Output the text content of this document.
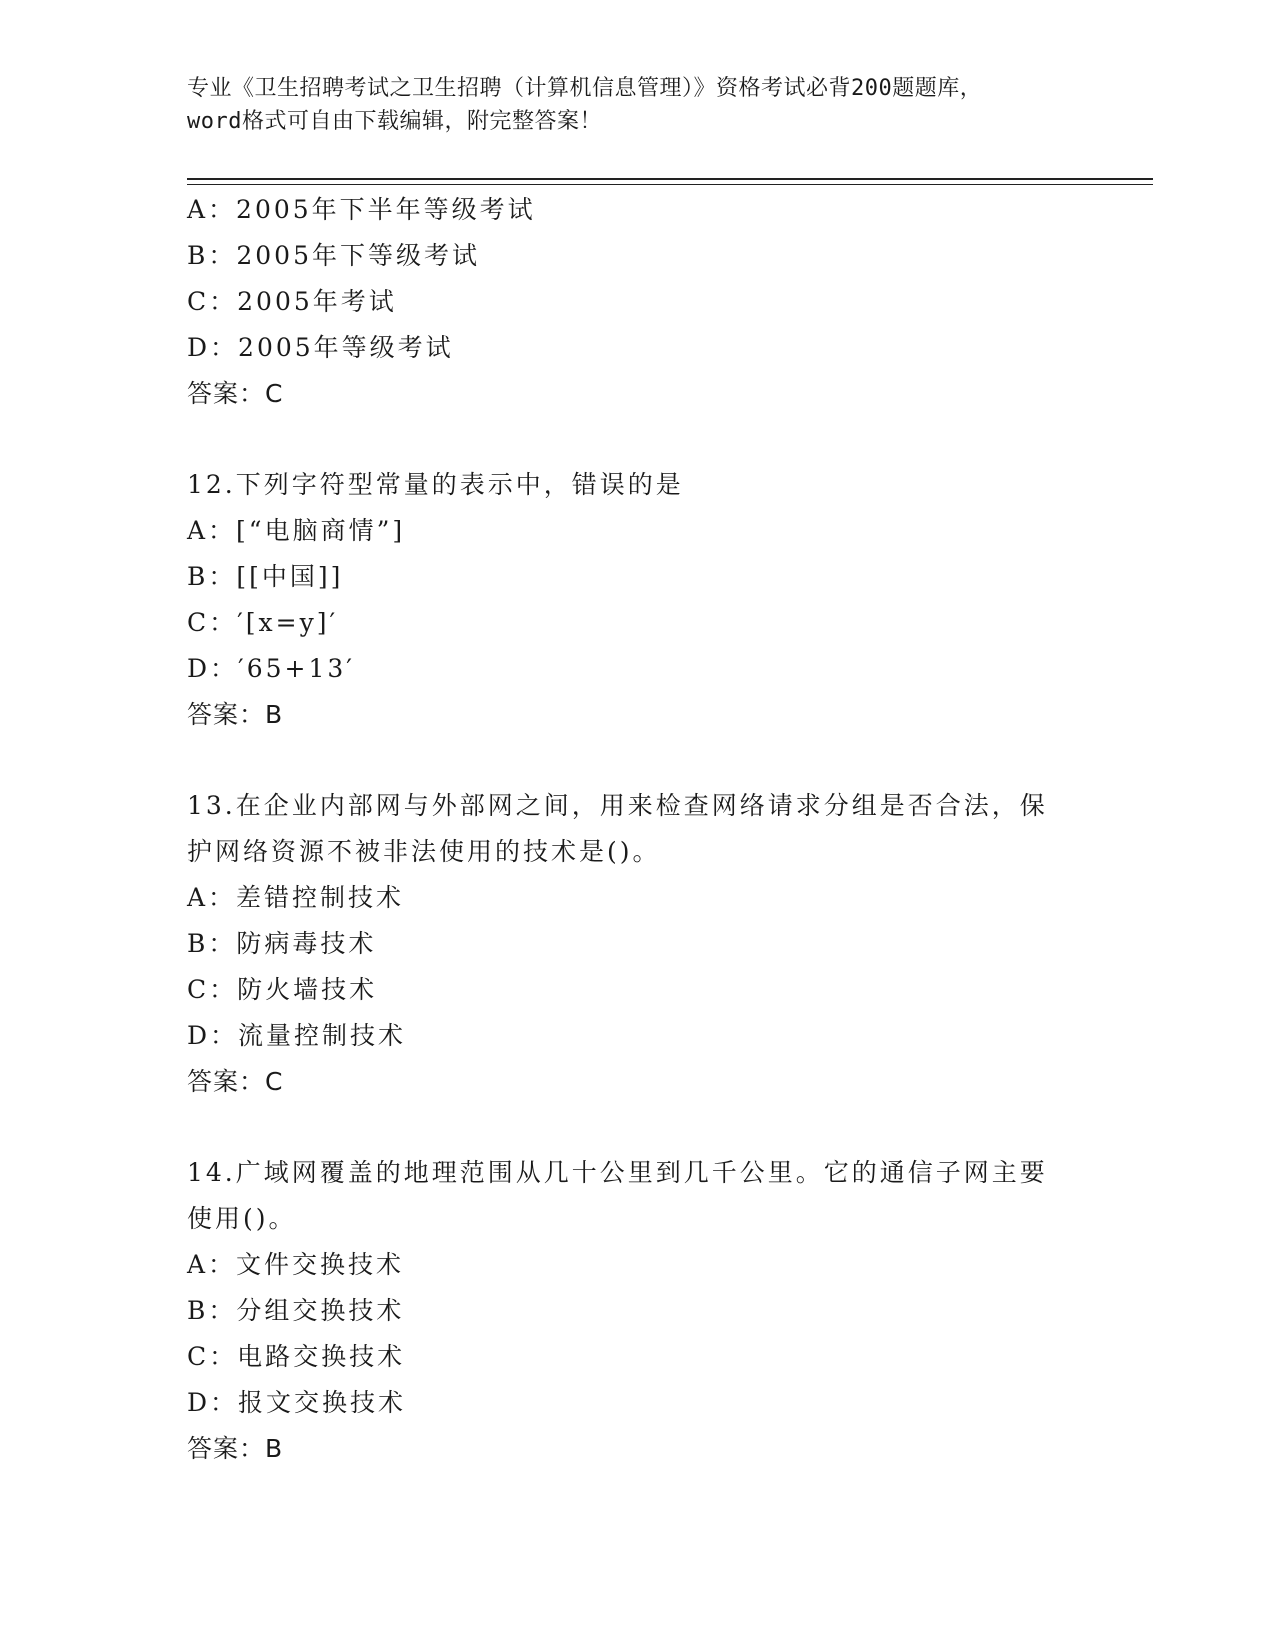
专业《卫生招聘考试之卫生招聘（计算机信息管理）》资格考试必背200题题库，
word格式可自由下载编辑，附完整答案！
A：2005年下半年等级考试
B：2005年下等级考试
C：2005年考试
D：2005年等级考试
答案：C
12.下列字符型常量的表示中，错误的是
A：[“电脑商情”]
B：[[中国]]
C：′[x=y]′
D：′65+13′
答案：B
13.在企业内部网与外部网之间，用来检查网络请求分组是否合法，保
护网络资源不被非法使用的技术是()。
A：差错控制技术
B：防病毒技术
C：防火墙技术
D：流量控制技术
答案：C
14.广域网覆盖的地理范围从几十公里到几千公里。它的通信子网主要
使用()。
A：文件交换技术
B：分组交换技术
C：电路交换技术
D：报文交换技术
答案：B
